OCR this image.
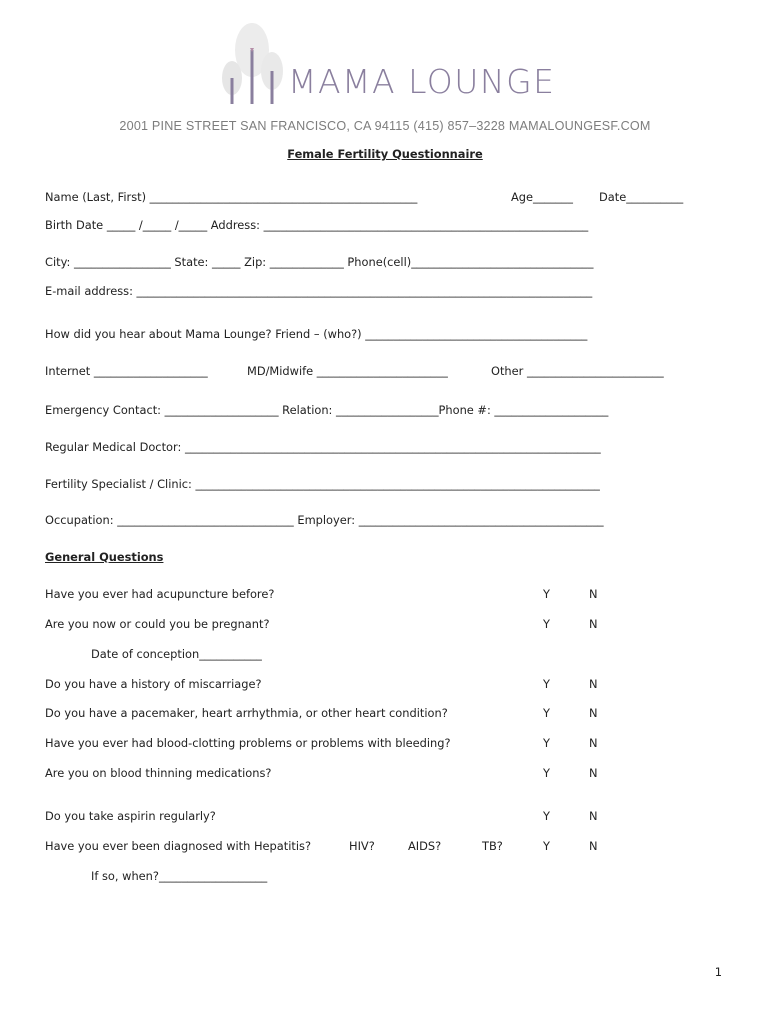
MAMA LOUNGE
2001 PINE STREET SAN FRANCISCO, CA 94115 (415) 857–3228 MAMALOUNGESF.COM
Female Fertility Questionnaire
Name (Last, First) _______________________________________________	Age_______ Date__________
Birth Date _____ /_____ /_____ Address: _________________________________________________________
City: _________________ State: _____ Zip: _____________ Phone(cell)________________________________
E-mail address: ________________________________________________________________________________
How did you hear about Mama Lounge? Friend – (who?) _______________________________________
Internet ____________________	MD/Midwife _______________________	Other ________________________
Emergency Contact: ____________________ Relation: __________________Phone #: ____________________
Regular Medical Doctor: _________________________________________________________________________
Fertility Specialist / Clinic: _______________________________________________________________________
Occupation: _______________________________ Employer: ___________________________________________
General Questions
Have you ever had acupuncture before?	Y	N
Are you now or could you be pregnant?	Y	N
Date of conception___________
Do you have a history of miscarriage?	Y	N
Do you have a pacemaker, heart arrhythmia, or other heart condition?	Y	N
Have you ever had blood-clotting problems or problems with bleeding?	Y	N
Are you on blood thinning medications?	Y	N
Do you take aspirin regularly?	Y	N
Have you ever been diagnosed with Hepatitis?	HIV?	AIDS?	TB?	Y	N
If so, when?___________________
1
